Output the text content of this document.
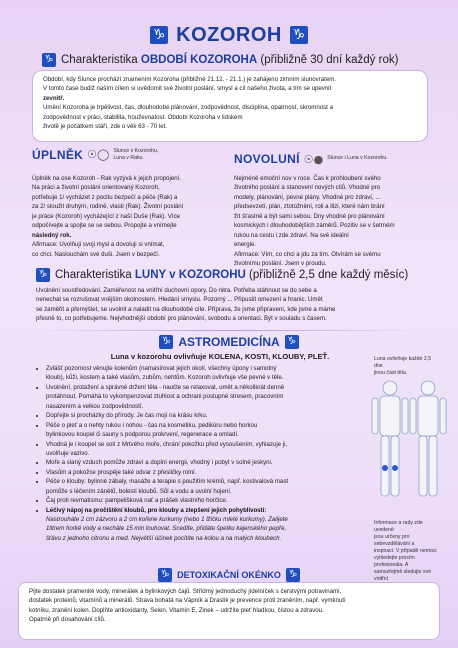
♑ KOZOROH ♑
♑ Charakteristika OBDOBÍ KOZOROHA (přibližně 30 dní každý rok)
Období, kdy Slunce prochází znamením Kozoroha (přibližně 21.12. - 21.1.) je zahájeno zimním slunovratem.
V tomto čase budiž naším cílem si uvědomit své životní poslání, smysl a cíl našeho života, a tím se upevnit
zevnitř.
Umění Kozoroha je trpělivost, čas, dlouhodobé plánování, zodpovědnost, disciplína, opatrnost, skromnost a
zodpovědnost v práci, stabilita, houževnatost. Období Kozoroha v lidském
životě je počátkem stáří, zde o věk 63 - 70 let.
ÚPLNĚK ☉◯ Slunce v Kozorohu,
Luna v Raku.
Úplněk na ose Kozoroh - Rak vyzývá k jejich propojení.
Na práci a životní poslání orientovaný Kozoroh,
potřebuje 1/ vycházet z pocitu bezpečí a péče (Rak) a
za 2/ sloužit druhým, rodině, vlasti (Rak). Životní poslání
je práce (Kozoroh) vycházející z naší Duše (Rak). Více
odpočívejte a spojte se se sebou. Propojte a vnímejte
následný rok.
Afirmace: Uvolňuji svoji mysl a dovoluji si vnímat,
co chci. Naslouchám své duši. Jsem v bezpečí.
NOVOLUNÍ ☉● Slunce i Luna v Kozorohu.
Nejméně emoční nov v roce. Čas k prohloubení svého
životního poslání a stanovení nových cílů. Vhodné pro
modely, plánování, pevné plány. Vhodné pro zdraví, ...
předsevzetí, plán, ztotožnění, roli a ilizi, které nám brání
žít šťastně a být sami sebou. Dny vhodné pro plánování
kosmických i dlouhodobějších záměrů. Pozitiv se v šetrném
rukou na cestu i zde zdraví. Na své ideální
energie.
Afirmace: Vím, co chci a jdu za tím. Otvírám se svému
životnímu poslání. Jsem v proudu.
♑ Charakteristika LUNY v KOZOROHU (přibližně 2,5 dne každý měsíc)
Uvolnění soustředování. Zaměřenost na vnitřní duchovní opory. Do nitra. Potřeba stáhnout se do sebe a
nenechat se rozrušovat vnějším okolnostem. Hledání smyslu. Pozorný ... Připustit omezení a hranic. Umět
se zaměřit a přemýšlet, se uvolnit a naladit na dlouhodobé cíle. Příprava, že jsme připravení, kde jsme a máme
přesně to, co potřebujeme. Nejvhodnější období pro plánování, svobodu a orientaci. Být v souladu s časem.
♑ ASTROMEDICÍNA ♑
Luna v kozorohu ovlivňuje KOLENA, KOSTI, KLOUBY, PLEŤ.
• Zvlášť pozornost věnujte kolenům (namasírovat jejich okolí, všechny úpony i samotný
kloub), kůži, kostem a také vlasům, zubům, nehtům. Kozoroh ovlivňuje vše pevné v těle.
• Uvolnění, protažení a správné držení těla - naučte se relaxovat, umět a několikrát denně
protáhnout. Pomáhá to vykompenzovat ztuhlost a ochrani postupné stresem, pracovním
nasazením a velkou zodpovědností.
• Dopřejte si procházky do přírody. Je čas mojí na krásu krku.
• Péče o pleť a o nehty rukou i nohou - čas na kosmetiku, pedikúru nebo horkou
bylinkovou koupel či sauny s podporou prokrvení, regenerace a omladí.
• Vhodná je i koupel se solí z Mrtvého moře, chrání pokožku před vysoušením, vyhlazuje ji,
uvolňuje vazivo.
• Moře a slaný vzduch pomůže zdraví a doplní energii, vhodný i pobyt v solné jeskyni.
• Vlasům a pokožce prospěje také odvar z přesličky rolní.
• Péče o klouby: bylinné zábaly, masáže a terapie s použitím krémů, např. kostivalová mast
pomůže s léčením zánětů, bolestí kloubů. Sůl a vodu a uvolní hojení.
• Čaj proti revmatismu: pampelišková nať a prášek vlastního horčice.
• Léčivý nápoj na pročištění kloubů, pro klouby a zlepšení jejich pohyblivosti:
Nastrouháte 2 cm zázvoru a 2 cm kořene kurkumy (nebo 1 lžičku mleté kurkumy). Zalijete
1litrem horké vody a necháte 15 min louhovat. Scedíte, přidáte špetku kajenského pepře,
šťávu z jednoho citronu a med. Největší účinek pocítíte na kolou a na malých kloubech.
Luna ovlivňuje každé 2,5 dne
jinou část těla.
Informace a rady zde uvedené
jsou určeny pro sebevzdělávání a
inspiraci. V případě nemoci
vyhledejte prosím profesionála. A
samozřejmě sledujte své vnitřní
♑ DETOXIKAČNÍ OKÉNKO ♑
Pijte dostatek pramenité vody, minerálek a bylinkových čajů. Střídmý jednoduchý jídelníček s čerstvými potravinami,
dostatek proteinů, vitamínů a minerálů. Strava bohatá na Vápník a Draslík je prevence proti zraněním, např. vymknutí
kotníku, zranění kolen. Doplňte antioxidanty, Selen, Vitamín E, Zinek – udržíte pleť hladkou, čistou a zdravou.
Opatrně při dosahování cílů.
